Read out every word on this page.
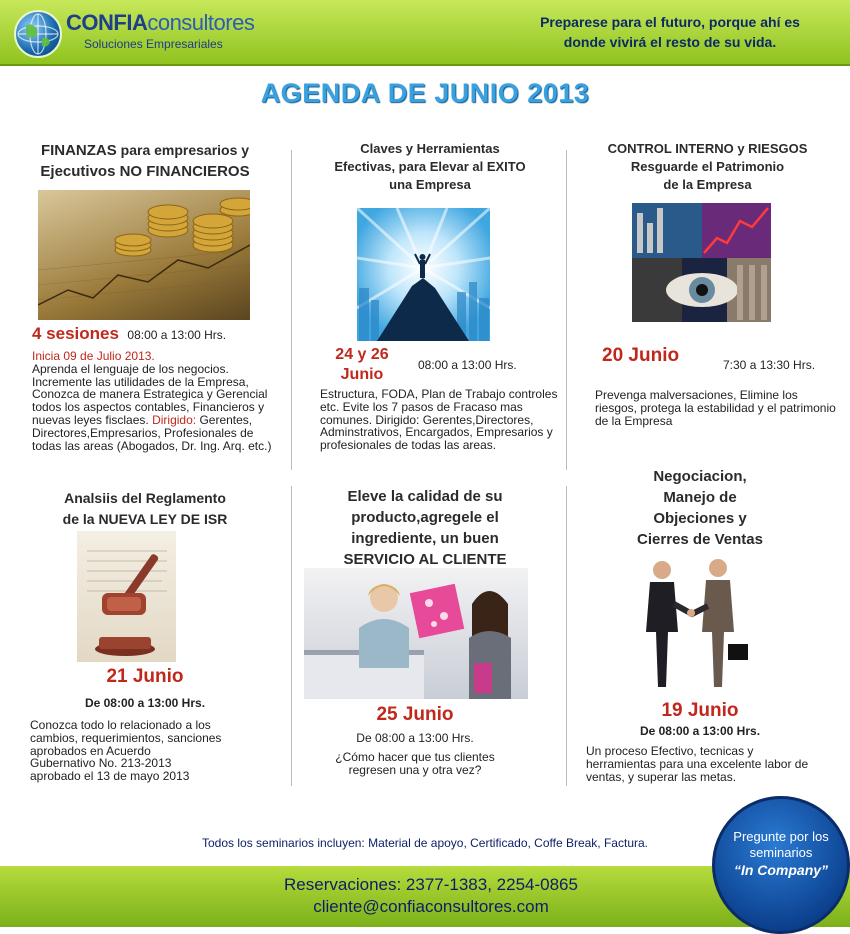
CONFIAconsultores
Soluciones Empresariales
Preparese para el futuro, porque ahí es
donde vivirá el resto de su vida.
AGENDA DE JUNIO 2013
FINANZAS para empresarios y
Ejecutivos NO FINANCIEROS
4 sesiones 08:00 a 13:00 Hrs.
Inicia 09 de Julio 2013.
Aprenda el lenguaje de los negocios. Incremente las utilidades de la Empresa, Conozca de manera Estrategica y Gerencial todos los aspectos contables, Financieros y nuevas leyes fisclaes. Dirigido: Gerentes, Directores,Empresarios, Profesionales de todas las areas (Abogados, Dr. Ing. Arq. etc.)
Claves y Herramientas
Efectivas, para Elevar al EXITO
una Empresa
24 y 26
Junio
08:00 a 13:00 Hrs.
Estructura, FODA, Plan de Trabajo controles etc. Evite los 7 pasos de Fracaso mas comunes. Dirigido: Gerentes,Directores, Adminstrativos, Encargados, Empresarios y profesionales de todas las areas.
CONTROL INTERNO y RIESGOS
Resguarde el Patrimonio
de la Empresa
20 Junio	7:30 a 13:30 Hrs.
Prevenga malversaciones, Elimine los riesgos, protega la estabilidad y el patrimonio de la Empresa
Analsiis del Reglamento
de la NUEVA LEY DE ISR
21 Junio
De 08:00 a 13:00 Hrs.
Conozca todo lo relacionado a los
cambios, requerimientos, sanciones
aprobados en Acuerdo
Gubernativo No. 213-2013
aprobado el 13 de mayo 2013
Eleve la calidad de su
producto,agregele el
ingrediente, un buen
SERVICIO AL CLIENTE
25 Junio
De 08:00 a 13:00 Hrs.
¿Cómo hacer que tus clientes
regresen una y otra vez?
Negociacion,
Manejo de
Objeciones y
Cierres de Ventas
19 Junio
De 08:00 a 13:00 Hrs.
Un proceso Efectivo, tecnicas y herramientas para una excelente labor de ventas, y superar las metas.
Todos los seminarios incluyen: Material de apoyo, Certificado, Coffe Break, Factura.
Reservaciones: 2377-1383, 2254-0865
cliente@confiaconsultores.com
Pregunte por los
seminarios
“In Company”
